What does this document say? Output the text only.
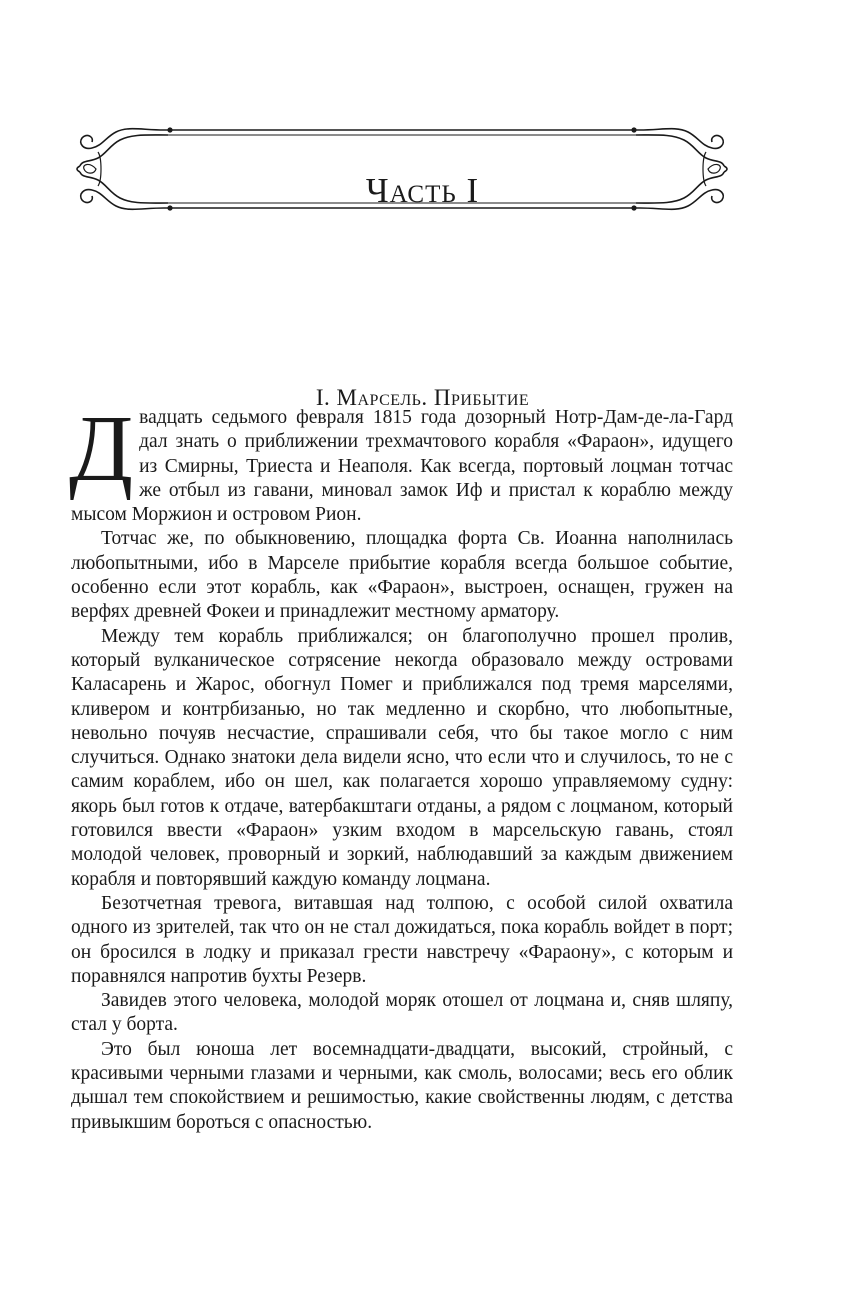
Часть I
I. Марсель. Прибытие

Двадцать седьмого февраля 1815 года дозорный Нотр-Дам-де-ла-Гард дал знать о приближении трехмачтового корабля «Фараон», идущего из Смирны, Триеста и Неаполя. Как всегда, портовый лоцман тотчас же отбыл из гавани, миновал замок Иф и пристал к кораблю между мысом Моржион и островом Рион.

Тотчас же, по обыкновению, площадка форта Св. Иоанна наполнилась любопытными, ибо в Марселе прибытие корабля всегда большое событие, особенно если этот корабль, как «Фараон», выстроен, оснащен, гружен на верфях древней Фокеи и принадлежит местному арматору.

Между тем корабль приближался; он благополучно прошел пролив, который вулканическое сотрясение некогда образовало между островами Каласарень и Жарос, обогнул Помег и приближался под тремя марселями, кливером и контрбизанью, но так медленно и скорбно, что любопытные, невольно почуяв несчастие, спрашивали себя, что бы такое могло с ним случиться. Однако знатоки дела видели ясно, что если что и случилось, то не с самим кораблем, ибо он шел, как полагается хорошо управляемому судну: якорь был готов к отдаче, ватербакштаги отданы, а рядом с лоцманом, который готовился ввести «Фараон» узким входом в марсельскую гавань, стоял молодой человек, проворный и зоркий, наблюдавший за каждым движением корабля и повторявший каждую команду лоцмана.

Безотчетная тревога, витавшая над толпою, с особой силой охватила одного из зрителей, так что он не стал дожидаться, пока корабль войдет в порт; он бросился в лодку и приказал грести навстречу «Фараону», с которым и поравнялся напротив бухты Резерв.

Завидев этого человека, молодой моряк отошел от лоцмана и, сняв шляпу, стал у борта.

Это был юноша лет восемнадцати-двадцати, высокий, стройный, с красивыми черными глазами и черными, как смоль, волосами; весь его облик дышал тем спокойствием и решимостью, какие свойственны людям, с детства привыкшим бороться с опасностью.
